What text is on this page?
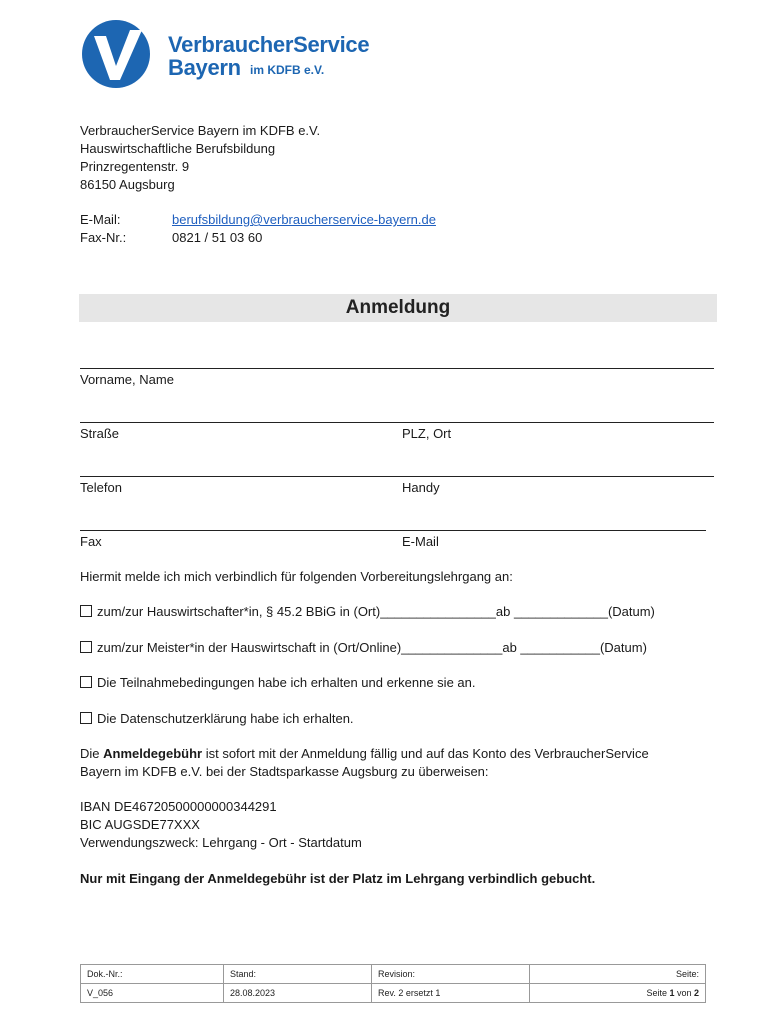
VerbraucherService
Bayern im KDFB e.V.
VerbraucherService Bayern im KDFB e.V.
Hauswirtschaftliche Berufsbildung
Prinzregentenstr. 9
86150 Augsburg
E-Mail:	berufsbildung@verbraucherservice-bayern.de
Fax-Nr.:	0821 / 51 03 60
Anmeldung
Vorname, Name
Straße	PLZ, Ort
Telefon	Handy
Fax	E-Mail
Hiermit melde ich mich verbindlich für folgenden Vorbereitungslehrgang an:
zum/zur Hauswirtschafter*in, § 45.2 BBiG in (Ort)________________ab _____________(Datum)
zum/zur Meister*in der Hauswirtschaft in (Ort/Online)______________ab ___________(Datum)
Die Teilnahmebedingungen habe ich erhalten und erkenne sie an.
Die Datenschutzerklärung habe ich erhalten.
Die Anmeldegebühr ist sofort mit der Anmeldung fällig und auf das Konto des VerbraucherService
Bayern im KDFB e.V. bei der Stadtsparkasse Augsburg zu überweisen:
IBAN DE46720500000000344291
BIC AUGSDE77XXX
Verwendungszweck: Lehrgang - Ort - Startdatum
Nur mit Eingang der Anmeldegebühr ist der Platz im Lehrgang verbindlich gebucht.
Dok.-Nr.:	Stand:	Revision:	Seite:
V_056	28.08.2023	Rev. 2 ersetzt 1	Seite 1 von 2
